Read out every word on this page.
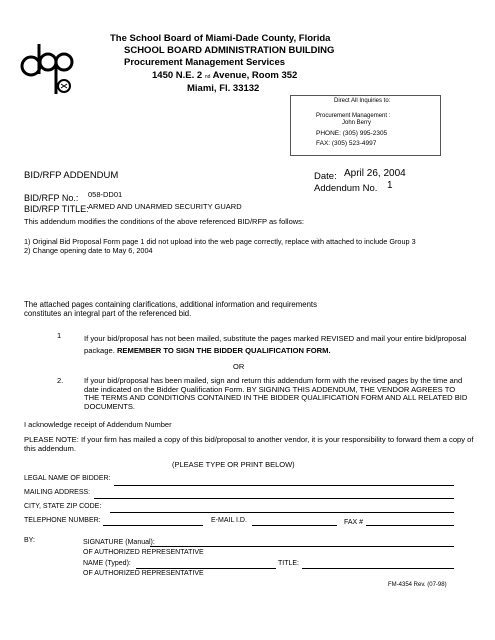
The School Board of Miami-Dade County, Florida
SCHOOL BOARD ADMINISTRATION BUILDING
Procurement Management Services
1450 N.E. 2 nd Avenue, Room 352
Miami, Fl. 33132
Direct All Inquiries to:
Procurement Management :
John Berry
PHONE: (305) 995-2305
FAX: (305) 523-4997
BID/RFP ADDENDUM	Date: April 26, 2004
Addendum No. 1
BID/RFP No.: 058-DD01
BID/RFP TITLE: ARMED AND UNARMED SECURITY GUARD
This addendum modifies the conditions of the above referenced BID/RFP as follows:
1) Original Bid Proposal Form page 1 did not upload into the web page correctly, replace with attached to include Group 3
2) Change opening date to May 6, 2004
The attached pages containing clarifications, additional information and requirements constitutes an integral part of the referenced bid.
1	If your bid/proposal has not been mailed, substitute the pages marked REVISED and mail your entire bid/proposal package. REMEMBER TO SIGN THE BIDDER QUALIFICATION FORM.
OR
2.	If your bid/proposal has been mailed, sign and return this addendum form with the revised pages by the time and date indicated on the Bidder Qualification Form. BY SIGNING THIS ADDENDUM, THE VENDOR AGREES TO THE TERMS AND CONDITIONS CONTAINED IN THE BIDDER QUALIFICATION FORM AND ALL RELATED BID DOCUMENTS.
I acknowledge receipt of Addendum Number
PLEASE NOTE: If your firm has mailed a copy of this bid/proposal to another vendor, it is your responsibility to forward them a copy of this addendum.
(PLEASE TYPE OR PRINT BELOW)
LEGAL NAME OF BIDDER:
MAILING ADDRESS:
CITY, STATE ZIP CODE:
TELEPHONE NUMBER:	E-MAIL I.D.	FAX #
BY:	SIGNATURE (Manual):
OF AUTHORIZED REPRESENTATIVE
NAME (Typed):	TITLE:
OF AUTHORIZED REPRESENTATIVE
FM-4354 Rev. (07-98)
